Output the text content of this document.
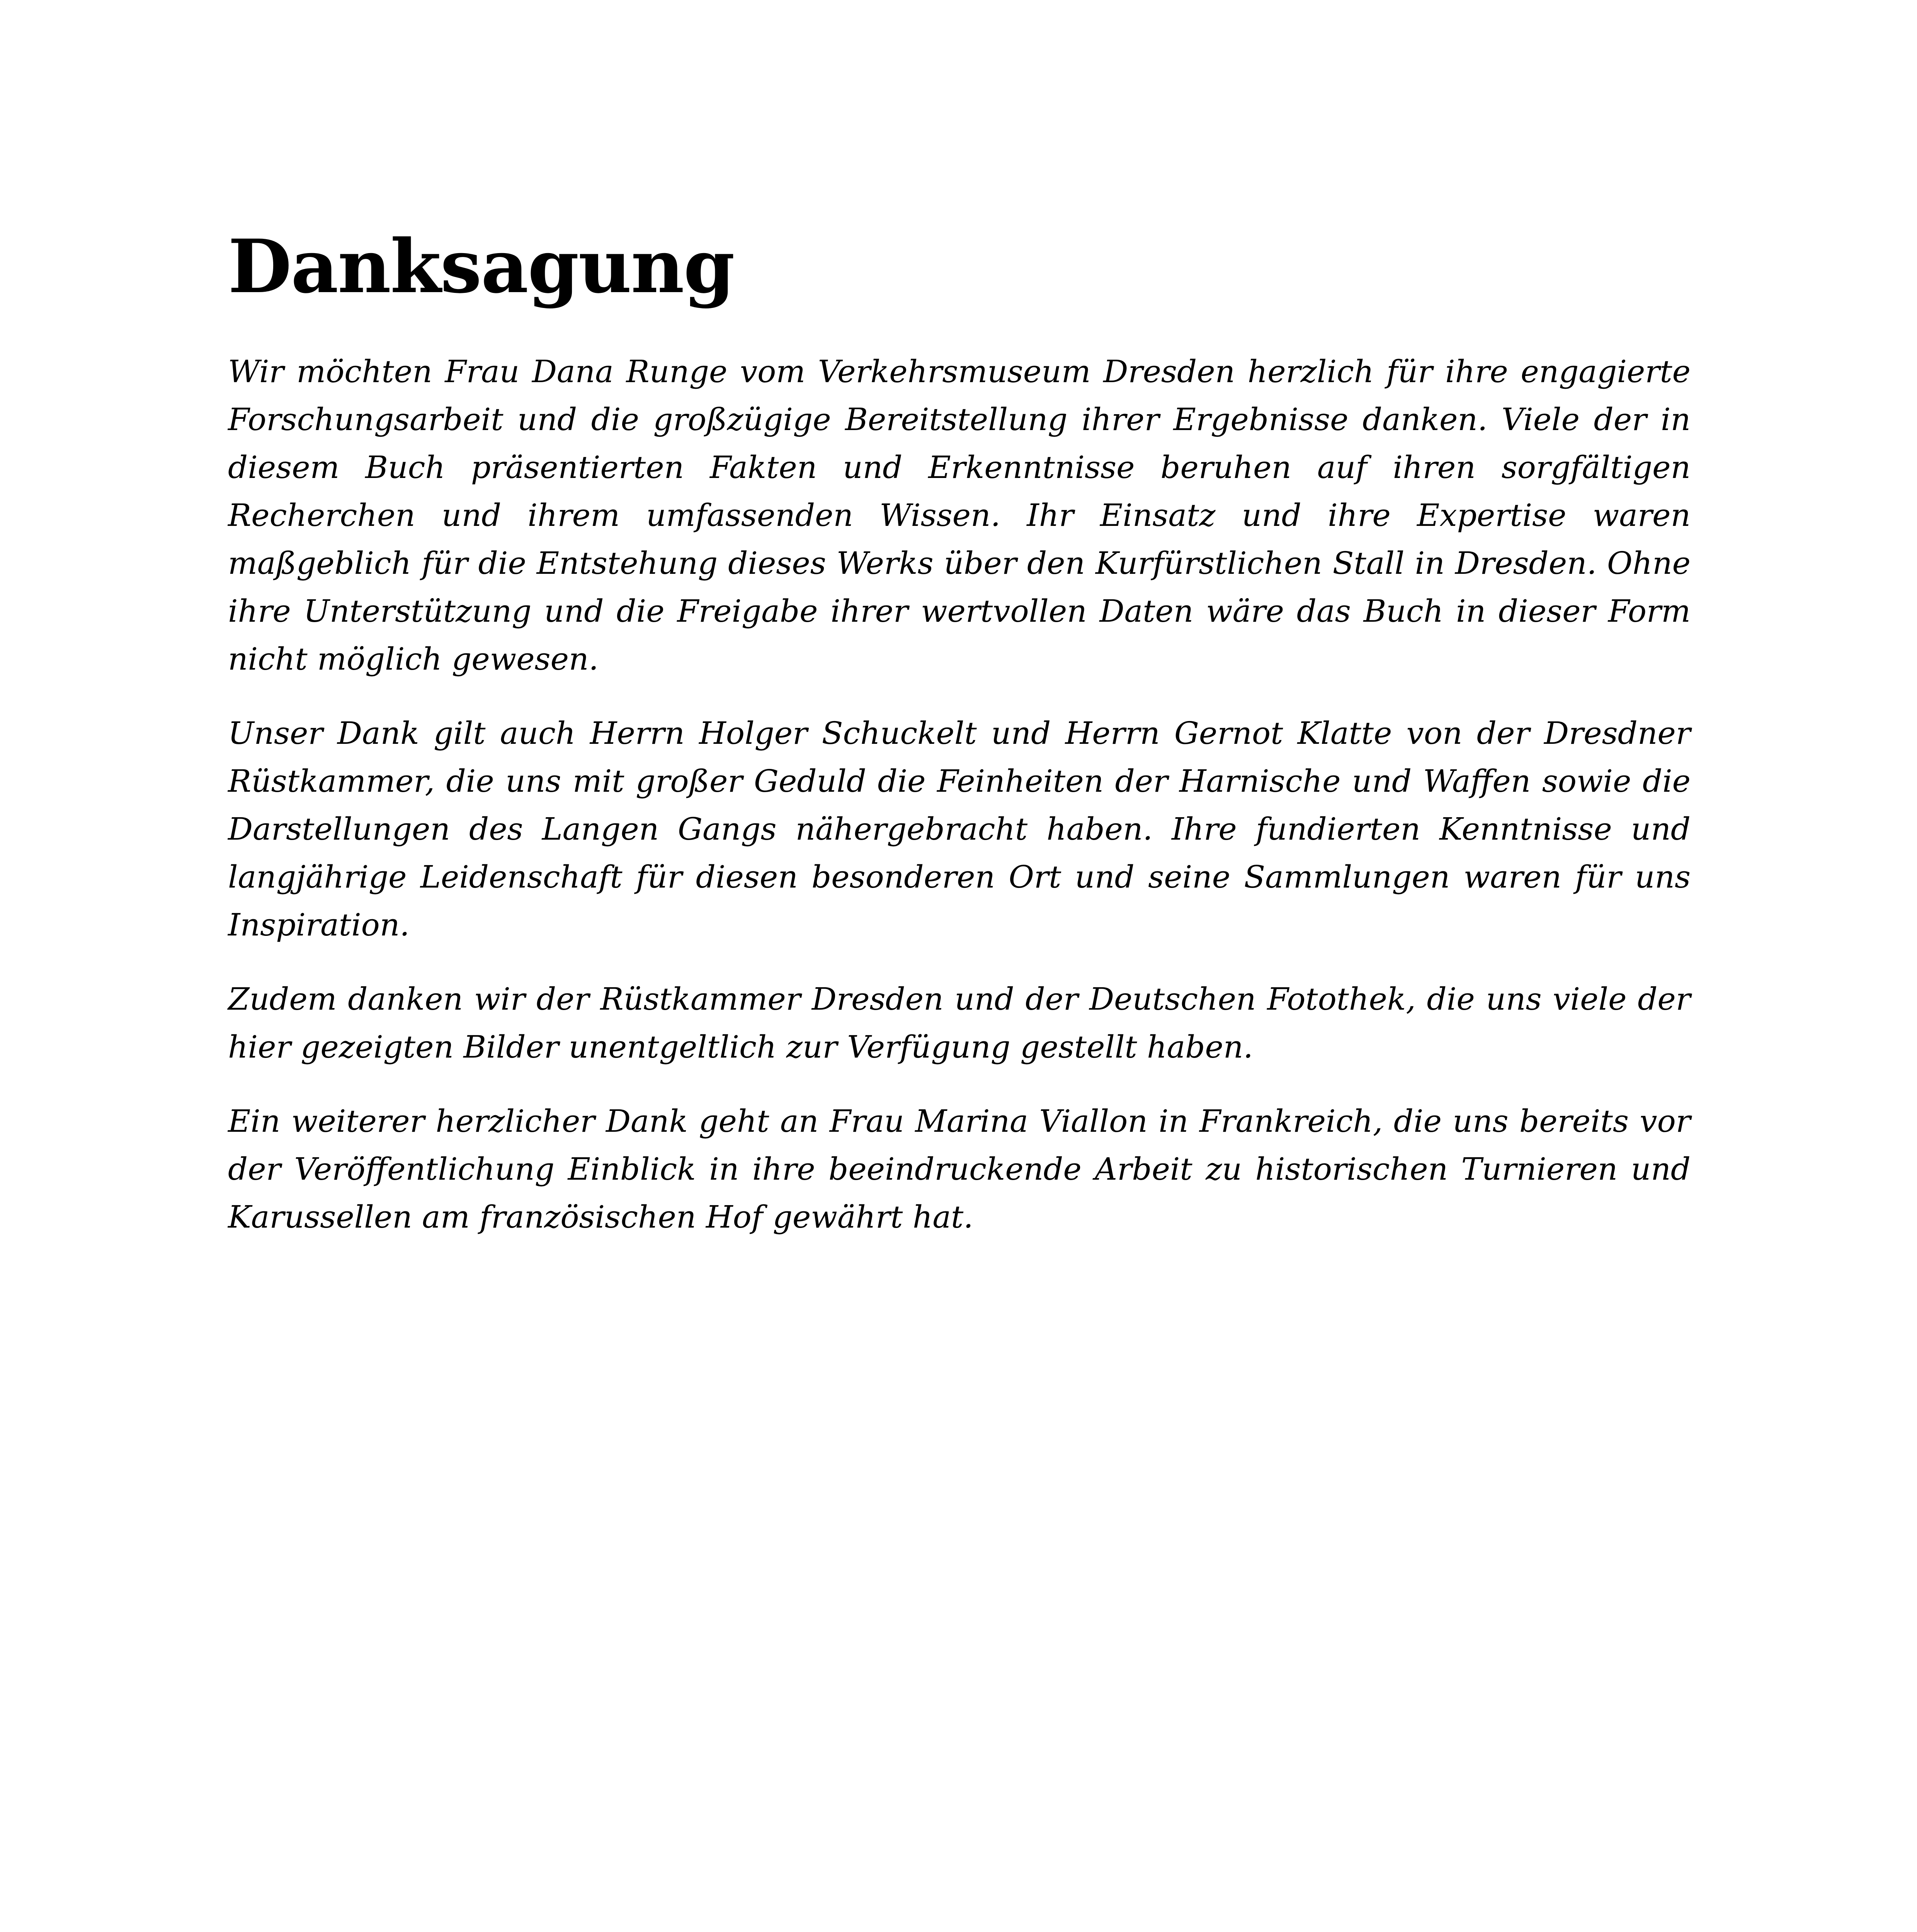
Danksagung

Wir möchten Frau Dana Runge vom Verkehrsmuseum Dresden herzlich für ihre engagierte Forschungsarbeit und die großzügige Bereitstellung ihrer Ergebnisse danken. Viele der in diesem Buch präsentierten Fakten und Erkenntnisse beruhen auf ihren sorgfältigen Recherchen und ihrem umfassenden Wissen. Ihr Einsatz und ihre Expertise waren maßgeblich für die Entstehung dieses Werks über den Kurfürstlichen Stall in Dresden. Ohne ihre Unterstützung und die Freigabe ihrer wertvollen Daten wäre das Buch in dieser Form nicht möglich gewesen.

Unser Dank gilt auch Herrn Holger Schuckelt und Herrn Gernot Klatte von der Dresdner Rüstkammer, die uns mit großer Geduld die Feinheiten der Harnische und Waffen sowie die Darstellungen des Langen Gangs nähergebracht haben. Ihre fundierten Kenntnisse und langjährige Leidenschaft für diesen besonderen Ort und seine Sammlungen waren für uns Inspiration.

Zudem danken wir der Rüstkammer Dresden und der Deutschen Fotothek, die uns viele der hier gezeigten Bilder unentgeltlich zur Verfügung gestellt haben.

Ein weiterer herzlicher Dank geht an Frau Marina Viallon in Frankreich, die uns bereits vor der Veröffentlichung Einblick in ihre beeindruckende Arbeit zu historischen Turnieren und Karussellen am französischen Hof gewährt hat.
